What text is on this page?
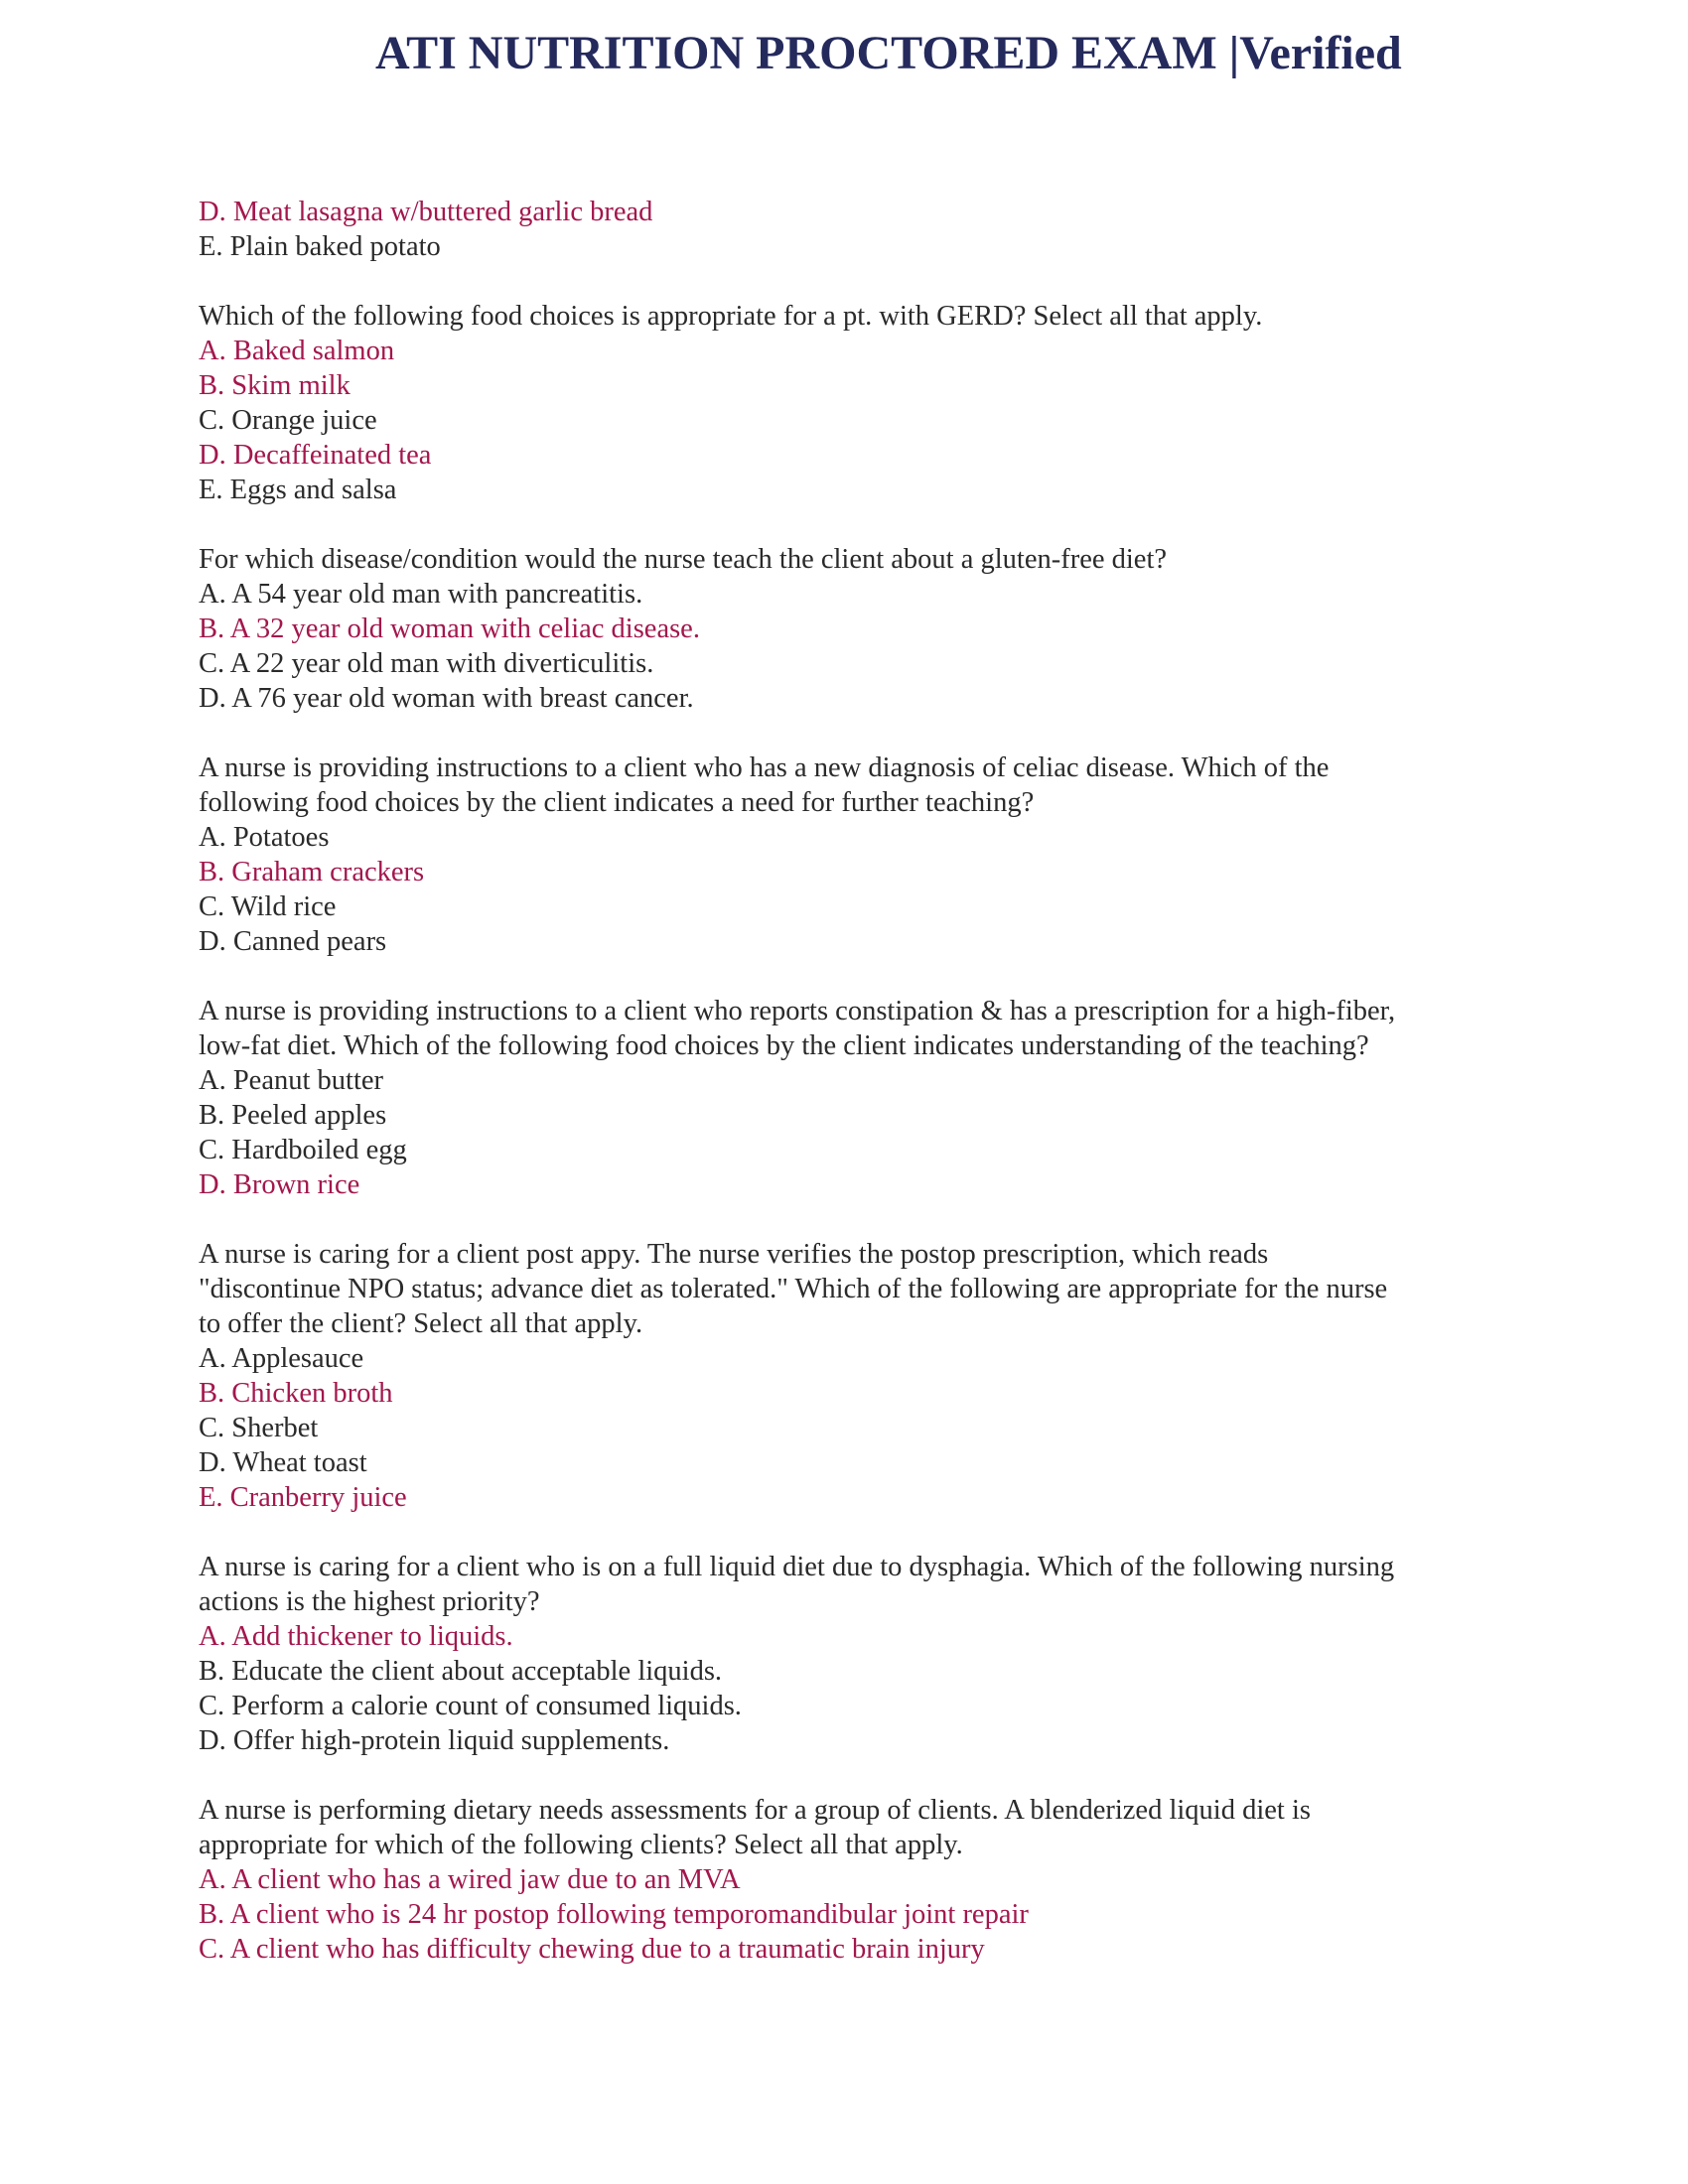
ATI NUTRITION PROCTORED EXAM |Verified
D. Meat lasagna w/buttered garlic bread
E. Plain baked potato
Which of the following food choices is appropriate for a pt. with GERD? Select all that apply.
A. Baked salmon
B. Skim milk
C. Orange juice
D. Decaffeinated tea
E. Eggs and salsa
For which disease/condition would the nurse teach the client about a gluten-free diet?
A. A 54 year old man with pancreatitis.
B. A 32 year old woman with celiac disease.
C. A 22 year old man with diverticulitis.
D. A 76 year old woman with breast cancer.
A nurse is providing instructions to a client who has a new diagnosis of celiac disease. Which of the
following food choices by the client indicates a need for further teaching?
A. Potatoes
B. Graham crackers
C. Wild rice
D. Canned pears
A nurse is providing instructions to a client who reports constipation & has a prescription for a high-fiber,
low-fat diet. Which of the following food choices by the client indicates understanding of the teaching?
A. Peanut butter
B. Peeled apples
C. Hardboiled egg
D. Brown rice
A nurse is caring for a client post appy. The nurse verifies the postop prescription, which reads
"discontinue NPO status; advance diet as tolerated." Which of the following are appropriate for the nurse
to offer the client? Select all that apply.
A. Applesauce
B. Chicken broth
C. Sherbet
D. Wheat toast
E. Cranberry juice
A nurse is caring for a client who is on a full liquid diet due to dysphagia. Which of the following nursing
actions is the highest priority?
A. Add thickener to liquids.
B. Educate the client about acceptable liquids.
C. Perform a calorie count of consumed liquids.
D. Offer high-protein liquid supplements.
A nurse is performing dietary needs assessments for a group of clients. A blenderized liquid diet is
appropriate for which of the following clients? Select all that apply.
A. A client who has a wired jaw due to an MVA
B. A client who is 24 hr postop following temporomandibular joint repair
C. A client who has difficulty chewing due to a traumatic brain injury
